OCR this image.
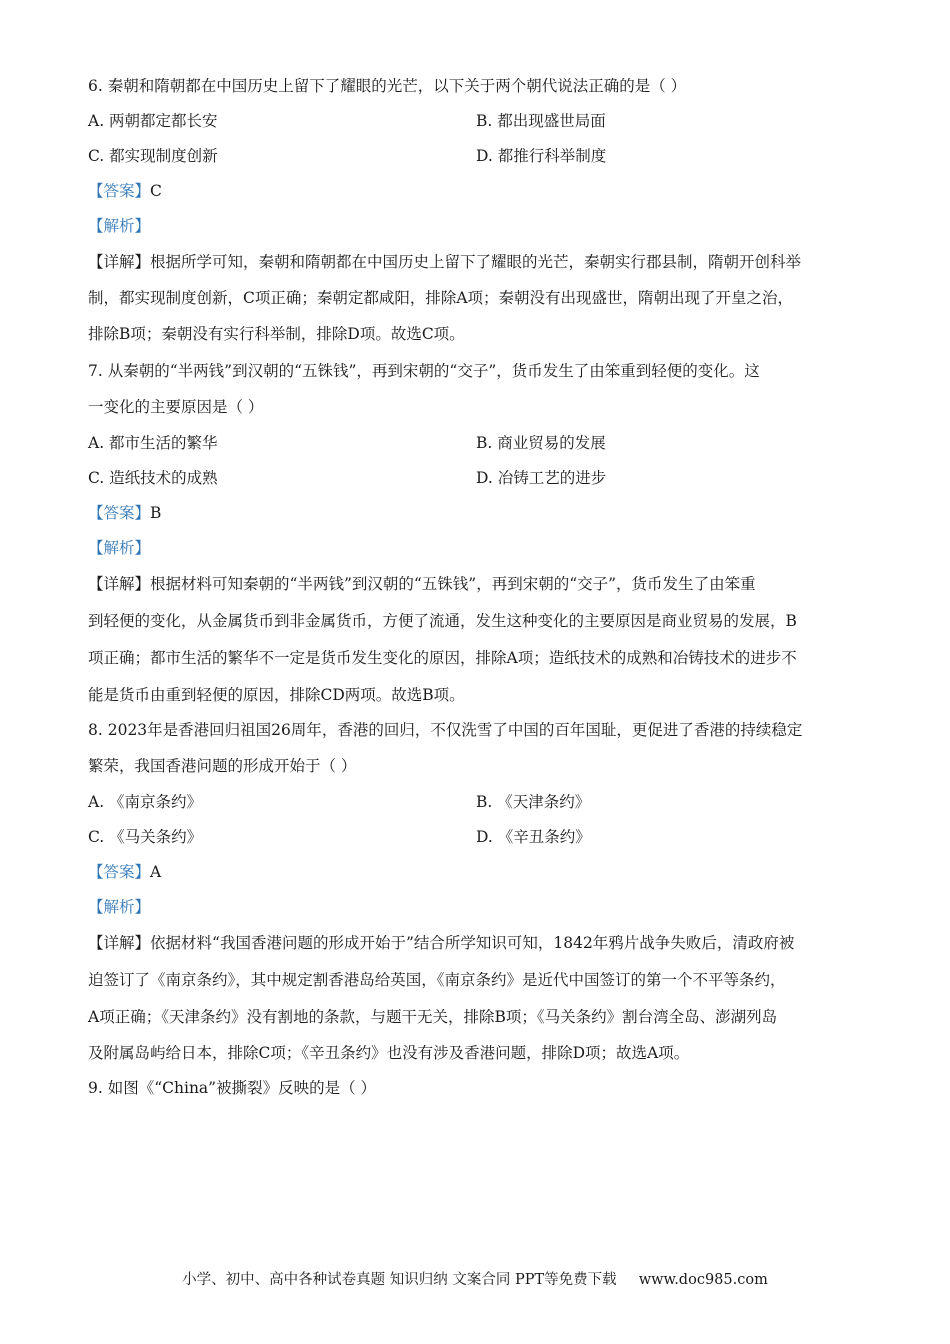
6. 秦朝和隋朝都在中国历史上留下了耀眼的光芒，以下关于两个朝代说法正确的是（ ）
A. 两朝都定都长安	B. 都出现盛世局面
C. 都实现制度创新	D. 都推行科举制度
【答案】C
【解析】
【详解】根据所学可知，秦朝和隋朝都在中国历史上留下了耀眼的光芒，秦朝实行郡县制，隋朝开创科举
制，都实现制度创新，C项正确；秦朝定都咸阳，排除A项；秦朝没有出现盛世，隋朝出现了开皇之治，
排除B项；秦朝没有实行科举制，排除D项。故选C项。
7. 从秦朝的“半两钱”到汉朝的“五铢钱”，再到宋朝的“交子”，货币发生了由笨重到轻便的变化。这
一变化的主要原因是（ ）
A. 都市生活的繁华	B. 商业贸易的发展
C. 造纸技术的成熟	D. 冶铸工艺的进步
【答案】B
【解析】
【详解】根据材料可知秦朝的“半两钱”到汉朝的“五铢钱”，再到宋朝的“交子”，货币发生了由笨重
到轻便的变化，从金属货币到非金属货币，方便了流通，发生这种变化的主要原因是商业贸易的发展，B
项正确；都市生活的繁华不一定是货币发生变化的原因，排除A项；造纸技术的成熟和冶铸技术的进步不
能是货币由重到轻便的原因，排除CD两项。故选B项。
8. 2023年是香港回归祖国26周年，香港的回归，不仅洗雪了中国的百年国耻，更促进了香港的持续稳定
繁荣，我国香港问题的形成开始于（ ）
A. 《南京条约》	B. 《天津条约》
C. 《马关条约》	D. 《辛丑条约》
【答案】A
【解析】
【详解】依据材料“我国香港问题的形成开始于”结合所学知识可知，1842年鸦片战争失败后，清政府被
迫签订了《南京条约》，其中规定割香港岛给英国，《南京条约》是近代中国签订的第一个不平等条约，
A项正确；《天津条约》没有割地的条款，与题干无关，排除B项；《马关条约》割台湾全岛、澎湖列岛
及附属岛屿给日本，排除C项；《辛丑条约》也没有涉及香港问题，排除D项；故选A项。
9. 如图《“China”被撕裂》反映的是（ ）
小学、初中、高中各种试卷真题 知识归纳 文案合同 PPT等免费下载 www.doc985.com
